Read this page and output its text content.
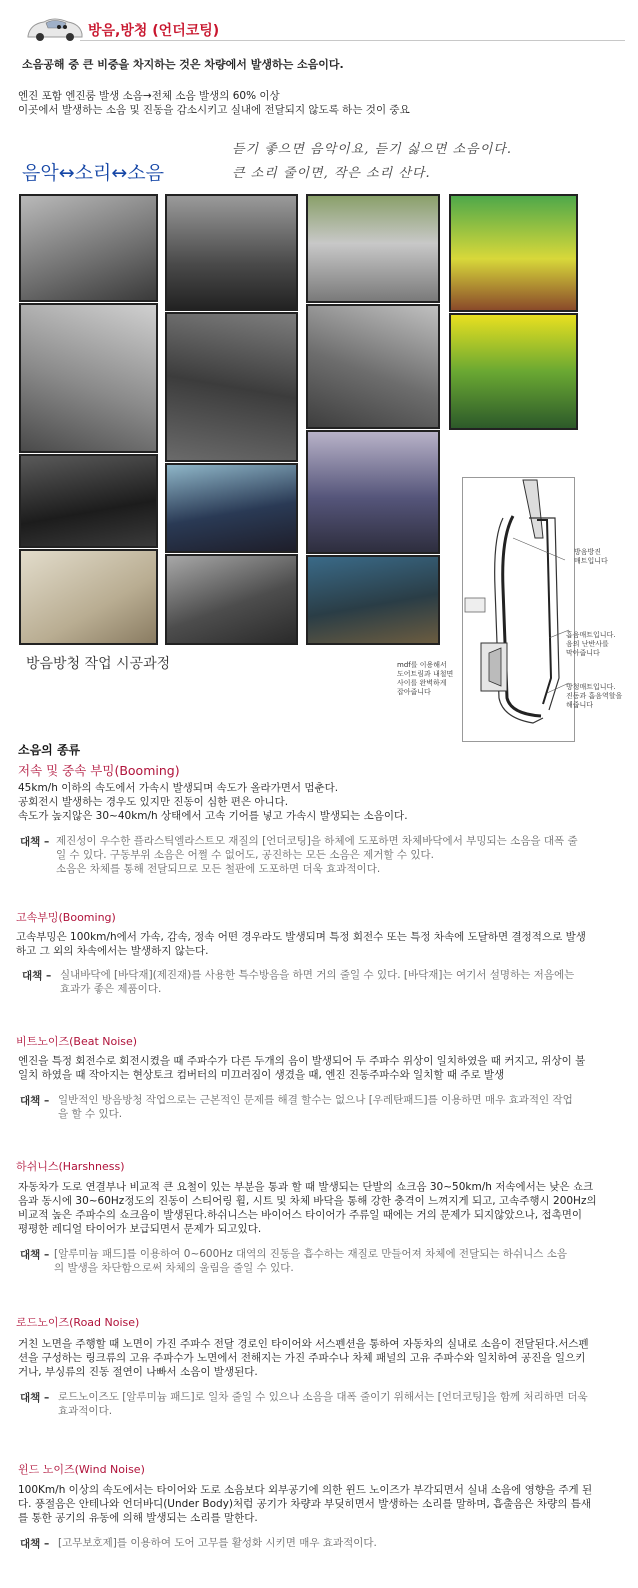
방음,방청 (언더코팅)
소음공해 중 큰 비중을 차지하는 것은 차량에서 발생하는 소음이다.
엔진 포함 엔진룸 발생 소음→전체 소음 발생의 60% 이상
이곳에서 발생하는 소음 및 진동을 감소시키고 실내에 전달되지 않도록 하는 것이 중요
음악↔소리↔소음
듣기 좋으면 음악이요, 듣기 싫으면 소음이다.
큰 소리 줄이면, 작은 소리 산다.
방음방청 작업 시공과정
방음방진
매트입니다
흡음매트입니다.
음의 난반사를
막아줍니다
방청매트입니다.
진동과 흡음역할을
해줍니다
mdf를 이용해서
도어트림과 내철면
사이를 완벽하게
잡아줍니다
소음의 종류
저속 및 중속 부밍(Booming)
45km/h 이하의 속도에서 가속시 발생되며 속도가 올라가면서 멈춘다.
공회전시 발생하는 경우도 있지만 진동이 심한 편은 아니다.
속도가 높지않은 30~40km/h 상태에서 고속 기어를 넣고 가속시 발생되는 소음이다.
대책 – 제진성이 우수한 플라스틱엘라스트모 재질의 [언더코팅]을 하체에 도포하면 차체바닥에서 부밍되는 소음을 대폭 줄
일 수 있다. 구동부위 소음은 어쩔 수 없어도, 공진하는 모든 소음은 제거할 수 있다.
소음은 차체를 통해 전달되므로 모든 철판에 도포하면 더욱 효과적이다.
고속부밍(Booming)
고속부밍은 100km/h에서 가속, 감속, 정속 어떤 경우라도 발생되며 특정 회전수 또는 특정 차속에 도달하면 결정적으로 발생
하고 그 외의 차속에서는 발생하지 않는다.
대책 – 실내바닥에 [바닥재](제진재)를 사용한 특수방음을 하면 거의 줄일 수 있다. [바닥재]는 여기서 설명하는 저음에는
효과가 좋은 제품이다.
비트노이즈(Beat Noise)
엔진을 특정 회전수로 회전시켰을 때 주파수가 다른 두개의 음이 발생되어 두 주파수 위상이 일치하였을 때 커지고, 위상이 불
일치 하였을 때 작아지는 현상토크 컴버터의 미끄러짐이 생겼을 때, 엔진 진동주파수와 일치할 때 주로 발생
대책 – 일반적인 방음방청 작업으로는 근본적인 문제를 해결 할수는 없으나 [우레탄패드]를 이용하면 매우 효과적인 작업
을 할 수 있다.
하쉬니스(Harshness)
자동차가 도로 연결부나 비교적 큰 요철이 있는 부분을 통과 할 때 발생되는 단발의 쇼크음 30~50km/h 저속에서는 낮은 쇼크
음과 동시에 30~60Hz정도의 진동이 스티어링 휠, 시트 및 차체 바닥을 통해 강한 충격이 느껴지게 되고, 고속주행시 200Hz의
비교적 높은 주파수의 쇼크음이 발생된다.하쉬니스는 바이어스 타이어가 주류일 때에는 거의 문제가 되지않았으나, 접촉면이
평평한 레디얼 타이어가 보급되면서 문제가 되고있다.
대책 – [알루미늄 패드]를 이용하여 0~600Hz 대역의 진동을 흡수하는 재질로 만들어져 차체에 전달되는 하쉬니스 소음
의 발생을 차단함으로써 차체의 울림을 줄일 수 있다.
로드노이즈(Road Noise)
거친 노면을 주행할 때 노면이 가진 주파수 전달 경로인 타이어와 서스펜션을 통하여 자동차의 실내로 소음이 전달된다.서스펜
션을 구성하는 링크류의 고유 주파수가 노면에서 전해지는 가진 주파수나 차체 패널의 고유 주파수와 일치하여 공진을 일으키
거나, 부싱류의 진동 절연이 나빠서 소음이 발생된다.
대책 – 로드노이즈도 [알루미늄 패드]로 일차 줄일 수 있으나 소음을 대폭 줄이기 위해서는 [언더코팅]을 함께 처리하면 더욱
효과적이다.
윈드 노이즈(Wind Noise)
100Km/h 이상의 속도에서는 타이어와 도로 소음보다 외부공기에 의한 윈드 노이즈가 부각되면서 실내 소음에 영향을 주게 된
다. 풍절음은 안테나와 언더바디(Under Body)처럼 공기가 차량과 부딪히면서 발생하는 소리를 말하며, 흡출음은 차량의 틈새
를 통한 공기의 유동에 의해 발생되는 소리를 말한다.
대책 – [고무보호제]를 이용하여 도어 고무를 활성화 시키면 매우 효과적이다.
